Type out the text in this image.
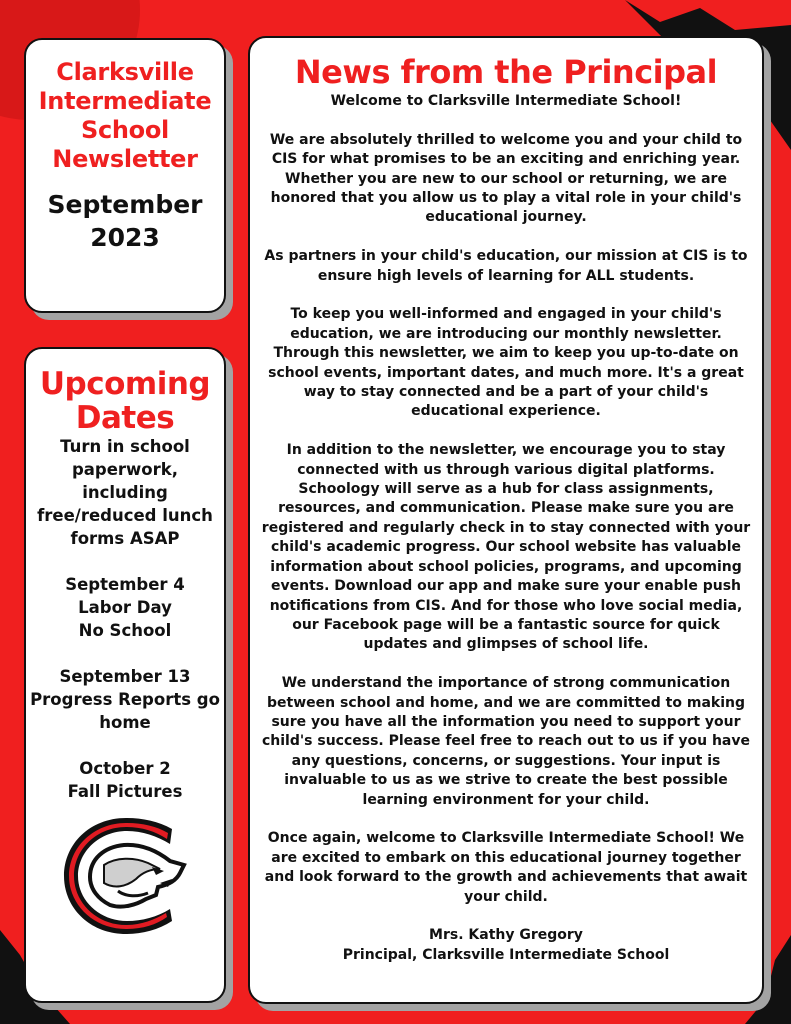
Clarksville
Intermediate
School
Newsletter
September
2023
Upcoming
Dates
Turn in school
paperwork,
including
free/reduced lunch
forms ASAP
September 4
Labor Day
No School
September 13
Progress Reports go
home
October 2
Fall Pictures
News from the Principal
Welcome to Clarksville Intermediate School!
We are absolutely thrilled to welcome you and your child to
CIS for what promises to be an exciting and enriching year.
Whether you are new to our school or returning, we are
honored that you allow us to play a vital role in your child's
educational journey.
As partners in your child's education, our mission at CIS is to
ensure high levels of learning for ALL students.
To keep you well-informed and engaged in your child's
education, we are introducing our monthly newsletter.
Through this newsletter, we aim to keep you up-to-date on
school events, important dates, and much more. It's a great
way to stay connected and be a part of your child's
educational experience.
In addition to the newsletter, we encourage you to stay
connected with us through various digital platforms.
Schoology will serve as a hub for class assignments,
resources, and communication. Please make sure you are
registered and regularly check in to stay connected with your
child's academic progress. Our school website has valuable
information about school policies, programs, and upcoming
events. Download our app and make sure your enable push
notifications from CIS. And for those who love social media,
our Facebook page will be a fantastic source for quick
updates and glimpses of school life.
We understand the importance of strong communication
between school and home, and we are committed to making
sure you have all the information you need to support your
child's success. Please feel free to reach out to us if you have
any questions, concerns, or suggestions. Your input is
invaluable to us as we strive to create the best possible
learning environment for your child.
Once again, welcome to Clarksville Intermediate School! We
are excited to embark on this educational journey together
and look forward to the growth and achievements that await
your child.
Mrs. Kathy Gregory
Principal, Clarksville Intermediate School
